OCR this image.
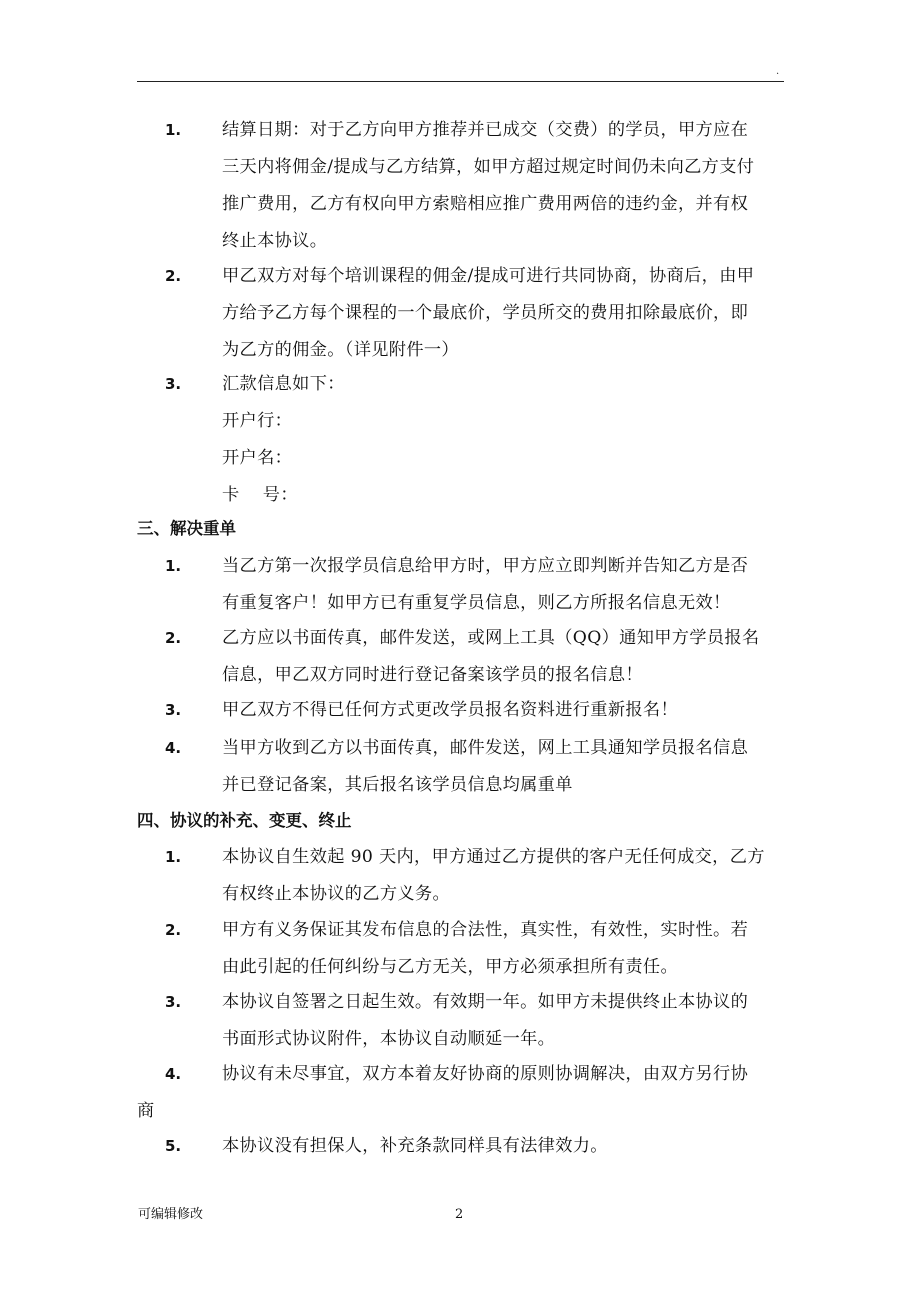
.
1.	结算日期：对于乙方向甲方推荐并已成交（交费）的学员，甲方应在
三天内将佣金/提成与乙方结算，如甲方超过规定时间仍未向乙方支付
推广费用，乙方有权向甲方索赔相应推广费用两倍的违约金，并有权
终止本协议。
2.	甲乙双方对每个培训课程的佣金/提成可进行共同协商，协商后，由甲
方给予乙方每个课程的一个最底价，学员所交的费用扣除最底价，即
为乙方的佣金。（详见附件一）
3.	汇款信息如下：
开户行：
开户名：
卡    号：
三、解决重单
1.	当乙方第一次报学员信息给甲方时，甲方应立即判断并告知乙方是否
有重复客户！如甲方已有重复学员信息，则乙方所报名信息无效！
2.	乙方应以书面传真，邮件发送，或网上工具（QQ）通知甲方学员报名
信息，甲乙双方同时进行登记备案该学员的报名信息！
3.	甲乙双方不得已任何方式更改学员报名资料进行重新报名！
4.	当甲方收到乙方以书面传真，邮件发送，网上工具通知学员报名信息
并已登记备案，其后报名该学员信息均属重单
四、协议的补充、变更、终止
1.	本协议自生效起 90 天内，甲方通过乙方提供的客户无任何成交，乙方
有权终止本协议的乙方义务。
2.	甲方有义务保证其发布信息的合法性，真实性，有效性，实时性。若
由此引起的任何纠纷与乙方无关，甲方必须承担所有责任。
3.	本协议自签署之日起生效。有效期一年。如甲方未提供终止本协议的
书面形式协议附件，本协议自动顺延一年。
4.	协议有未尽事宜，双方本着友好协商的原则协调解决，由双方另行协
商
5.	本协议没有担保人，补充条款同样具有法律效力。
可编辑修改	2
